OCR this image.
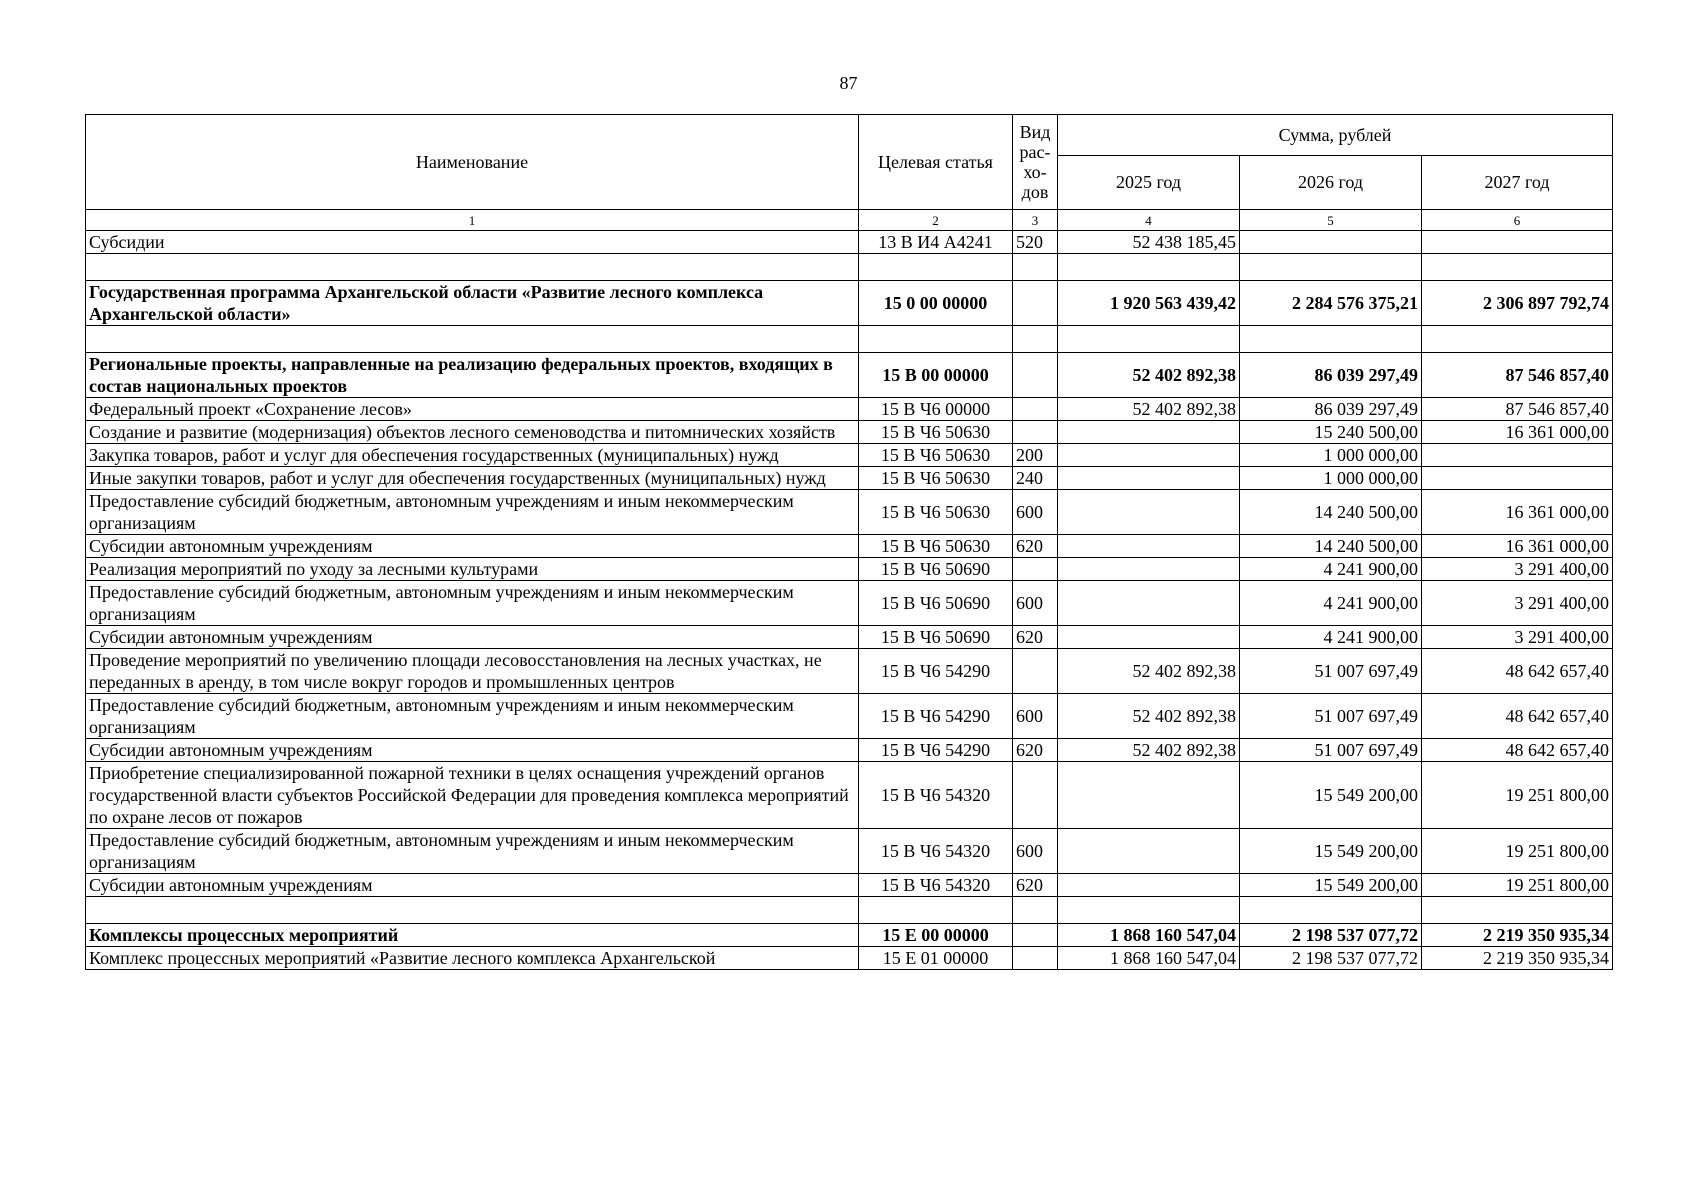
87
Наименование	Целевая статья	Вид
рас-
хо-
дов	Сумма, рублей		
			2025 год	2026 год	2027 год
1	2	3	4	5	6
Субсидии	13 В И4 А4241	520	52 438 185,45		

Государственная программа Архангельской области «Развитие лесного комплекса Архангельской области»	15 0 00 00000		1 920 563 439,42	2 284 576 375,21	2 306 897 792,74

Региональные проекты, направленные на реализацию федеральных проектов, входящих в состав национальных проектов	15 В 00 00000		52 402 892,38	86 039 297,49	87 546 857,40
Федеральный проект «Сохранение лесов»	15 В Ч6 00000		52 402 892,38	86 039 297,49	87 546 857,40
Создание и развитие (модернизация) объектов лесного семеноводства и питомнических хозяйств	15 В Ч6 50630			15 240 500,00	16 361 000,00
Закупка товаров, работ и услуг для обеспечения государственных (муниципальных) нужд	15 В Ч6 50630	200		1 000 000,00	
Иные закупки товаров, работ и услуг для обеспечения государственных (муниципальных) нужд	15 В Ч6 50630	240		1 000 000,00	
Предоставление субсидий бюджетным, автономным учреждениям и иным некоммерческим организациям	15 В Ч6 50630	600		14 240 500,00	16 361 000,00
Субсидии автономным учреждениям	15 В Ч6 50630	620		14 240 500,00	16 361 000,00
Реализация мероприятий по уходу за лесными культурами	15 В Ч6 50690			4 241 900,00	3 291 400,00
Предоставление субсидий бюджетным, автономным учреждениям и иным некоммерческим организациям	15 В Ч6 50690	600		4 241 900,00	3 291 400,00
Субсидии автономным учреждениям	15 В Ч6 50690	620		4 241 900,00	3 291 400,00
Проведение мероприятий по увеличению площади лесовосстановления на лесных участках, не переданных в аренду, в том числе вокруг городов и промышленных центров	15 В Ч6 54290		52 402 892,38	51 007 697,49	48 642 657,40
Предоставление субсидий бюджетным, автономным учреждениям и иным некоммерческим организациям	15 В Ч6 54290	600	52 402 892,38	51 007 697,49	48 642 657,40
Субсидии автономным учреждениям	15 В Ч6 54290	620	52 402 892,38	51 007 697,49	48 642 657,40
Приобретение специализированной пожарной техники в целях оснащения учреждений органов государственной власти субъектов Российской Федерации для проведения комплекса мероприятий по охране лесов от пожаров	15 В Ч6 54320			15 549 200,00	19 251 800,00
Предоставление субсидий бюджетным, автономным учреждениям и иным некоммерческим организациям	15 В Ч6 54320	600		15 549 200,00	19 251 800,00
Субсидии автономным учреждениям	15 В Ч6 54320	620		15 549 200,00	19 251 800,00

Комплексы процессных мероприятий	15 Е 00 00000		1 868 160 547,04	2 198 537 077,72	2 219 350 935,34
Комплекс процессных мероприятий «Развитие лесного комплекса Архангельской	15 Е 01 00000		1 868 160 547,04	2 198 537 077,72	2 219 350 935,34
